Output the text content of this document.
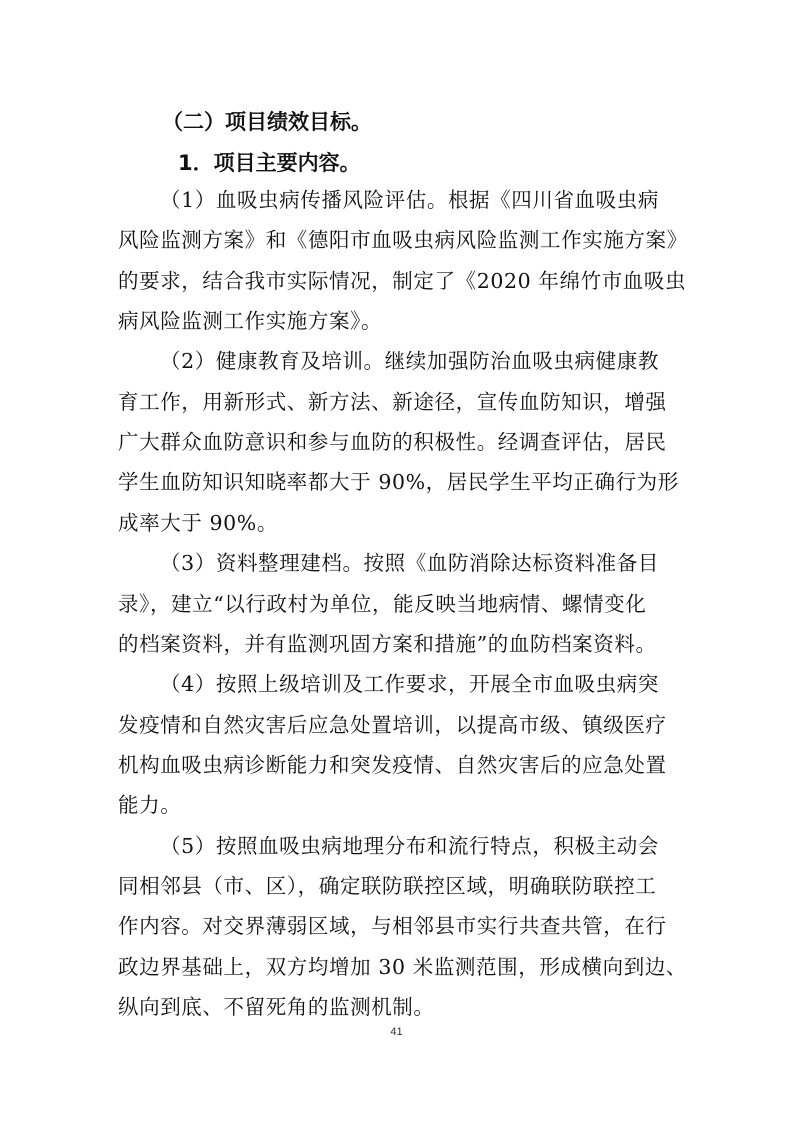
（二）项目绩效目标。
1．项目主要内容。
（1）血吸虫病传播风险评估。根据《四川省血吸虫病
风险监测方案》和《德阳市血吸虫病风险监测工作实施方案》
的要求，结合我市实际情况，制定了《2020 年绵竹市血吸虫
病风险监测工作实施方案》。
（2）健康教育及培训。继续加强防治血吸虫病健康教
育工作，用新形式、新方法、新途径，宣传血防知识，增强
广大群众血防意识和参与血防的积极性。经调查评估，居民
学生血防知识知晓率都大于 90%，居民学生平均正确行为形
成率大于 90%。
（3）资料整理建档。按照《血防消除达标资料准备目
录》，建立“以行政村为单位，能反映当地病情、螺情变化
的档案资料，并有监测巩固方案和措施”的血防档案资料。
（4）按照上级培训及工作要求，开展全市血吸虫病突
发疫情和自然灾害后应急处置培训，以提高市级、镇级医疗
机构血吸虫病诊断能力和突发疫情、自然灾害后的应急处置
能力。
（5）按照血吸虫病地理分布和流行特点，积极主动会
同相邻县（市、区），确定联防联控区域，明确联防联控工
作内容。对交界薄弱区域，与相邻县市实行共查共管，在行
政边界基础上，双方均增加 30 米监测范围，形成横向到边、
纵向到底、不留死角的监测机制。
41
